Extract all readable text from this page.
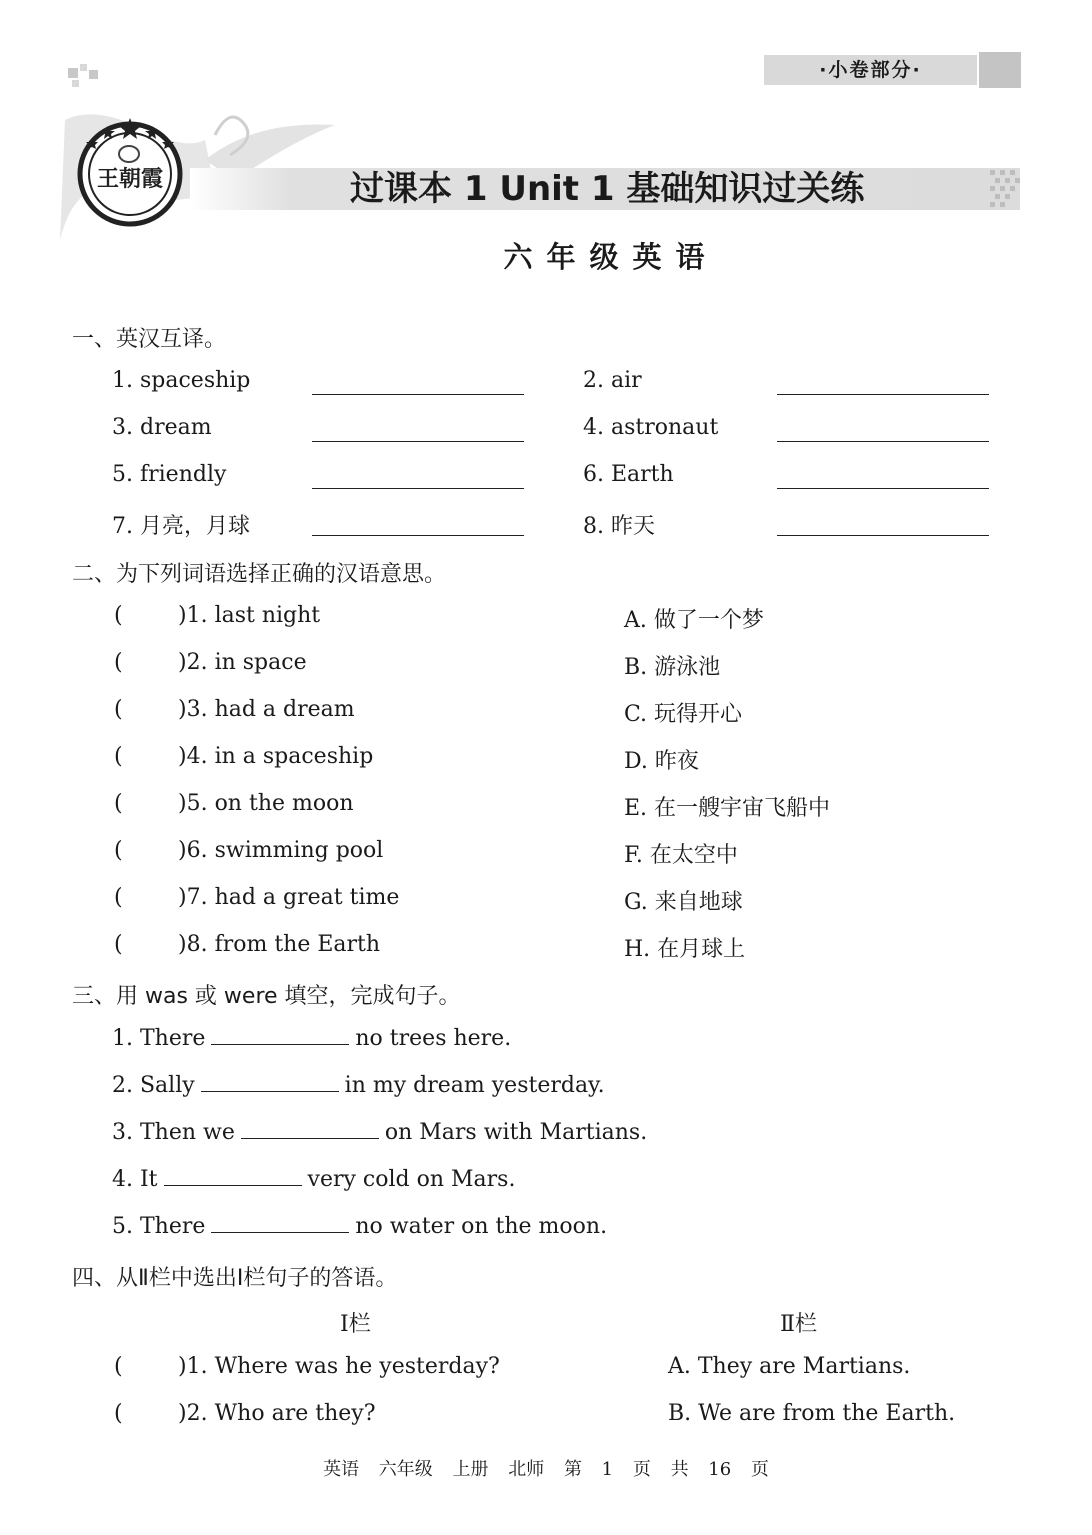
·小卷部分·
王朝霞	过课本 1 Unit 1 基础知识过关练
六年级英语
一、英汉互译。
1. spaceship	2. air
3. dream	4. astronaut
5. friendly	6. Earth
7. 月亮，月球	8. 昨天
二、为下列词语选择正确的汉语意思。
(	)1. last night	A. 做了一个梦
(	)2. in space	B. 游泳池
(	)3. had a dream	C. 玩得开心
(	)4. in a spaceship	D. 昨夜
(	)5. on the moon	E. 在一艘宇宙飞船中
(	)6. swimming pool	F. 在太空中
(	)7. had a great time	G. 来自地球
(	)8. from the Earth	H. 在月球上
三、用 was 或 were 填空，完成句子。
1. There	no trees here.
2. Sally	in my dream yesterday.
3. Then we	on Mars with Martians.
4. It	very cold on Mars.
5. There	no water on the moon.
四、从Ⅱ栏中选出Ⅰ栏句子的答语。
Ⅰ栏	Ⅱ栏
(	)1. Where was he yesterday?	A. They are Martians.
(	)2. Who are they?	B. We are from the Earth.
英语 六年级 上册 北师 第 1 页 共 16 页
